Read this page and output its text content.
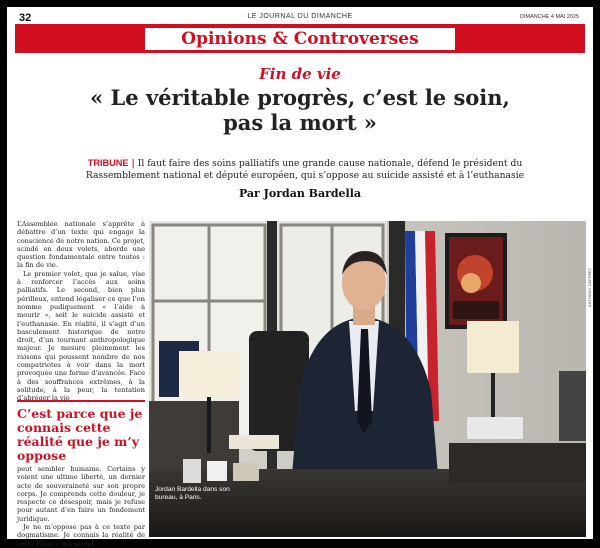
32	LE JOURNAL DU DIMANCHE	DIMANCHE 4 MAI 2025
Opinions & Controverses
Fin de vie
« Le véritable progrès, c’est le soin,
pas la mort »
TRIBUNE | Il faut faire des soins palliatifs une grande cause nationale, défend le président du Rassemblement national et député européen, qui s’oppose au suicide assisté et à l’euthanasie
Par Jordan Bardella

L’Assemblée nationale s’apprête à débattre d’un texte qui engage la conscience de notre nation. Ce projet, scindé en deux volets, aborde une question fondamentale entre toutes : la fin de vie.

Le premier volet, que je salue, vise à renforcer l’accès aux soins palliatifs. Le second, bien plus périlleux, entend légaliser ce que l’on nomme pudiquement « l’aide à mourir », soit le suicide assisté et l’euthanasie. En réalité, il s’agit d’un basculement historique de notre droit, d’un tournant anthropologique majeur. Je mesure pleinement les raisons qui poussent nombre de nos compatriotes à voir dans la mort provoquée une forme d’avancée. Face à des souffrances extrêmes, à la solitude, à la peur, la tentation d’abréger la vie

C’est parce que je connais cette réalité que je m’y oppose

peut sembler humaine. Certains y voient une ultime liberté, un dernier acte de souveraineté sur son propre corps. Je comprends cette douleur, je respecte ce désespoir, mais je refuse pour autant d’en faire un fondement juridique.

Je ne m’oppose pas à ce texte par dogmatisme. Je connais la réalité de cette France qui prend

Jordan Bardella dans son bureau, à Paris.
ANTHONY DAFFRET
